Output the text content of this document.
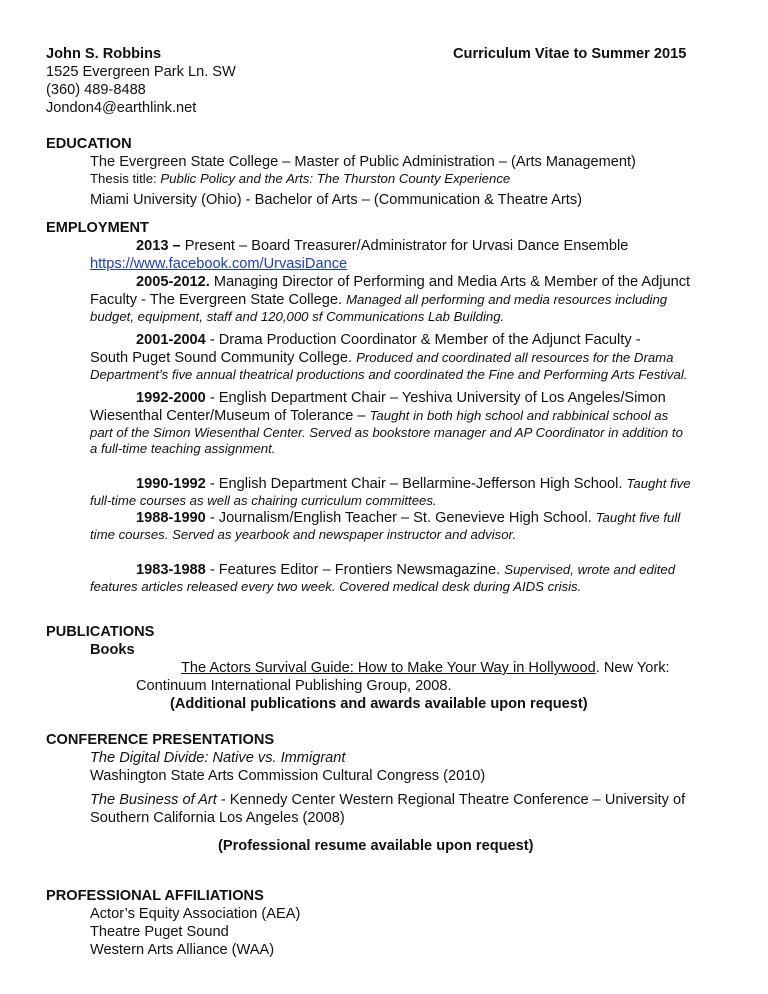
John S. Robbins	Curriculum Vitae to Summer 2015
1525 Evergreen Park Ln. SW
(360) 489-8488
Jondon4@earthlink.net
EDUCATION
The Evergreen State College – Master of Public Administration – (Arts Management)
Thesis title: Public Policy and the Arts: The Thurston County Experience
Miami University (Ohio) - Bachelor of Arts – (Communication & Theatre Arts)
EMPLOYMENT
2013 – Present – Board Treasurer/Administrator for Urvasi Dance Ensemble
https://www.facebook.com/UrvasiDance
2005-2012. Managing Director of Performing and Media Arts & Member of the Adjunct
Faculty - The Evergreen State College. Managed all performing and media resources including
budget, equipment, staff and 120,000 sf Communications Lab Building.
2001-2004 - Drama Production Coordinator & Member of the Adjunct Faculty -
South Puget Sound Community College. Produced and coordinated all resources for the Drama
Department’s five annual theatrical productions and coordinated the Fine and Performing Arts Festival.
1992-2000 - English Department Chair – Yeshiva University of Los Angeles/Simon
Wiesenthal Center/Museum of Tolerance – Taught in both high school and rabbinical school as
part of the Simon Wiesenthal Center. Served as bookstore manager and AP Coordinator in addition to
a full-time teaching assignment.
1990-1992 - English Department Chair – Bellarmine-Jefferson High School. Taught five
full-time courses as well as chairing curriculum committees.
1988-1990 - Journalism/English Teacher – St. Genevieve High School. Taught five full
time courses. Served as yearbook and newspaper instructor and advisor.
1983-1988 - Features Editor – Frontiers Newsmagazine. Supervised, wrote and edited
features articles released every two week. Covered medical desk during AIDS crisis.
PUBLICATIONS
Books
The Actors Survival Guide: How to Make Your Way in Hollywood. New York:
Continuum International Publishing Group, 2008.
(Additional publications and awards available upon request)
CONFERENCE PRESENTATIONS
The Digital Divide: Native vs. Immigrant
Washington State Arts Commission Cultural Congress (2010)
The Business of Art - Kennedy Center Western Regional Theatre Conference – University of
Southern California Los Angeles (2008)
(Professional resume available upon request)
PROFESSIONAL AFFILIATIONS
Actor’s Equity Association (AEA)
Theatre Puget Sound
Western Arts Alliance (WAA)
